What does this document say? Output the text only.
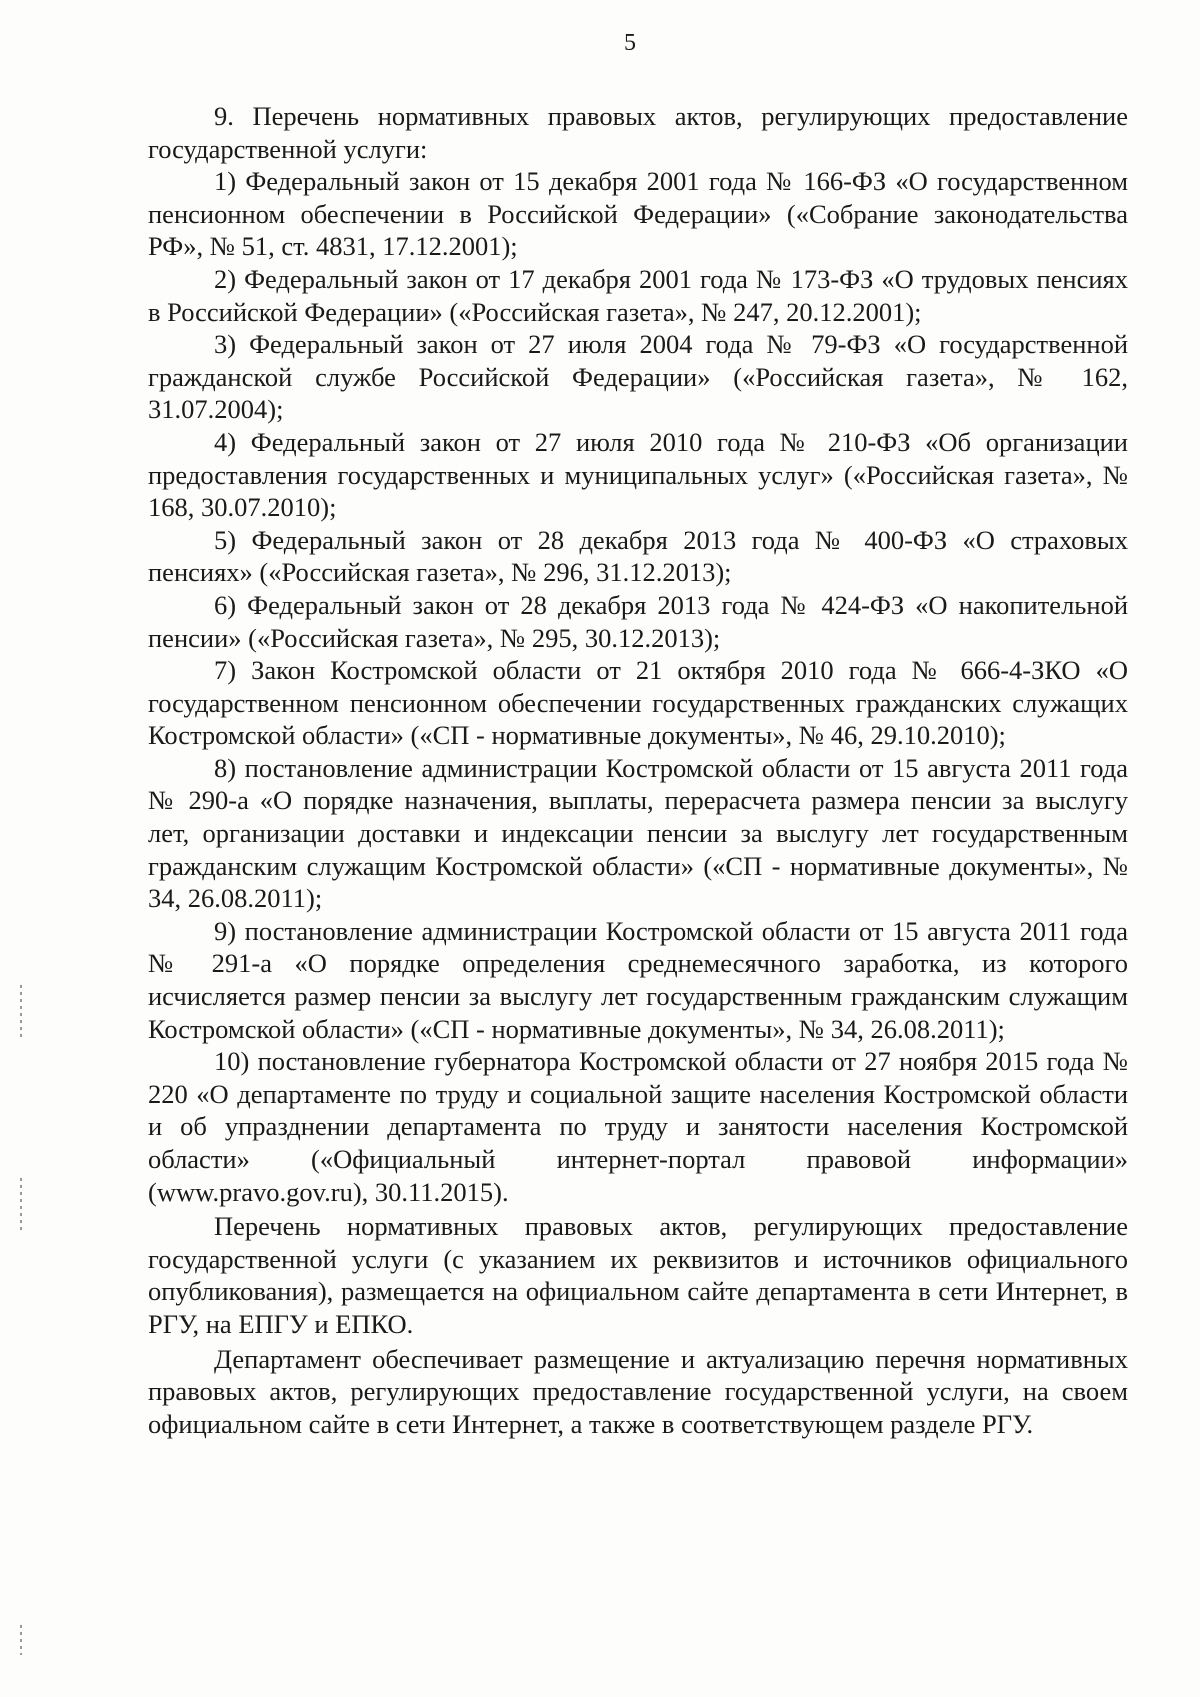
5

9. Перечень нормативных правовых актов, регулирующих предоставление государственной услуги:

1) Федеральный закон от 15 декабря 2001 года № 166-ФЗ «О государственном пенсионном обеспечении в Российской Федерации» («Собрание законодательства РФ», № 51, ст. 4831, 17.12.2001);

2) Федеральный закон от 17 декабря 2001 года № 173-ФЗ «О трудовых пенсиях в Российской Федерации» («Российская газета», № 247, 20.12.2001);

3) Федеральный закон от 27 июля 2004 года № 79-ФЗ «О государственной гражданской службе Российской Федерации» («Российская газета», № 162, 31.07.2004);

4) Федеральный закон от 27 июля 2010 года № 210-ФЗ «Об организации предоставления государственных и муниципальных услуг» («Российская газета», № 168, 30.07.2010);

5) Федеральный закон от 28 декабря 2013 года № 400-ФЗ «О страховых пенсиях» («Российская газета», № 296, 31.12.2013);

6) Федеральный закон от 28 декабря 2013 года № 424-ФЗ «О накопительной пенсии» («Российская газета», № 295, 30.12.2013);

7) Закон Костромской области от 21 октября 2010 года № 666-4-ЗКО «О государственном пенсионном обеспечении государственных гражданских служащих Костромской области» («СП - нормативные документы», № 46, 29.10.2010);

8) постановление администрации Костромской области от 15 августа 2011 года № 290-а «О порядке назначения, выплаты, перерасчета размера пенсии за выслугу лет, организации доставки и индексации пенсии за выслугу лет государственным гражданским служащим Костромской области» («СП - нормативные документы», № 34, 26.08.2011);

9) постановление администрации Костромской области от 15 августа 2011 года № 291-а «О порядке определения среднемесячного заработка, из которого исчисляется размер пенсии за выслугу лет государственным гражданским служащим Костромской области» («СП - нормативные документы», № 34, 26.08.2011);

10) постановление губернатора Костромской области от 27 ноября 2015 года № 220 «О департаменте по труду и социальной защите населения Костромской области и об упразднении департамента по труду и занятости населения Костромской области» («Официальный интернет-портал правовой информации» (www.pravo.gov.ru), 30.11.2015).

Перечень нормативных правовых актов, регулирующих предоставление государственной услуги (с указанием их реквизитов и источников официального опубликования), размещается на официальном сайте департамента в сети Интернет, в РГУ, на ЕПГУ и ЕПКО.

Департамент обеспечивает размещение и актуализацию перечня нормативных правовых актов, регулирующих предоставление государственной услуги, на своем официальном сайте в сети Интернет, а также в соответствующем разделе РГУ.
